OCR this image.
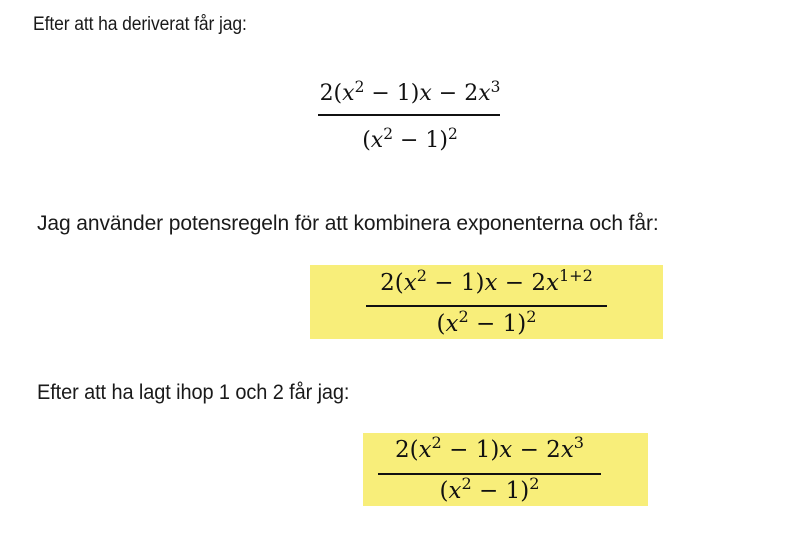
Efter att ha deriverat får jag:
$2(x^2 - 1)x - 2x^3$
$(x^2 - 1)^2$
Jag använder potensregeln för att kombinera exponenterna och får:
$2(x^2 - 1)x - 2x^{1+2}$
$(x^2 - 1)^2$
Efter att ha lagt ihop 1 och 2 får jag:
$2(x^2 - 1)x - 2x^3$
$(x^2 - 1)^2$
